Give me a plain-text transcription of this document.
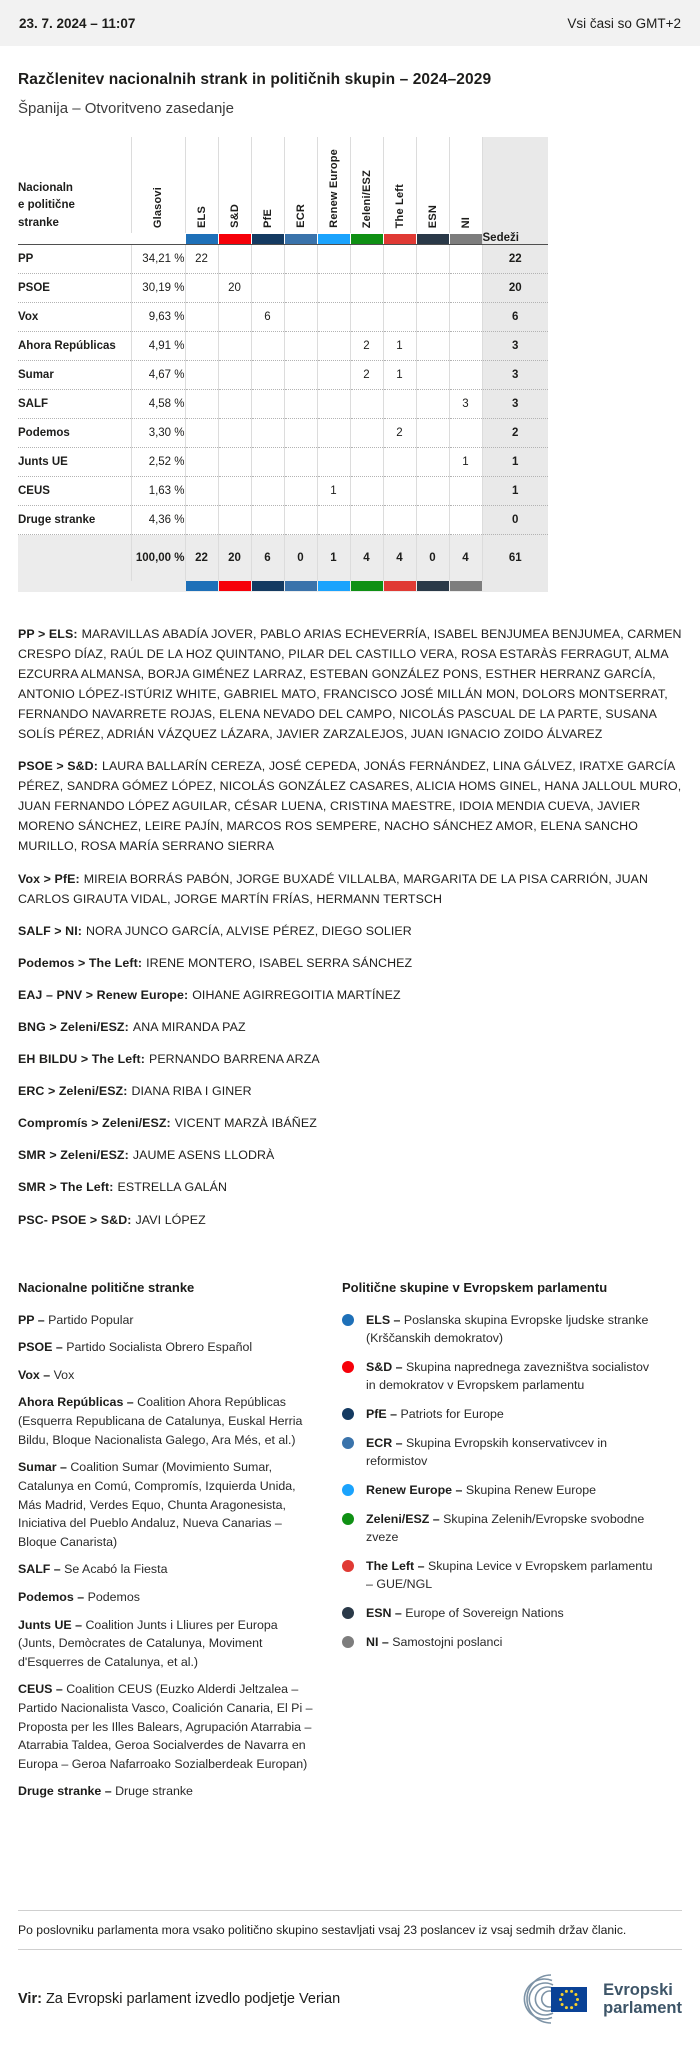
23. 7. 2024 – 11:07	Vsi časi so GMT+2
Razčlenitev nacionalnih strank in političnih skupin – 2024–2029
Španija – Otvoritveno zasedanje
Nacionalne politične stranke	Glasovi	ELS	S&D	PfE	ECR	Renew Europe	Zeleni/ESZ	The Left	ESN	NI	Sedeži

PP	34,21 %	22									22
PSOE	30,19 %		20								20
Vox	9,63 %			6							6
Ahora Repúblicas	4,91 %						2	1			3
Sumar	4,67 %						2	1			3
SALF	4,58 %									3	3
Podemos	3,30 %							2			2
Junts UE	2,52 %									1	1
CEUS	1,63 %					1					1
Druge stranke	4,36 %										0
	100,00 %	22	20	6	0	1	4	4	0	4	61

PP > ELS : MARAVILLAS ABADÍA JOVER, PABLO ARIAS ECHEVERRÍA, ISABEL BENJUMEA BENJUMEA, CARMEN CRESPO DÍAZ, RAÚL DE LA HOZ QUINTANO, PILAR DEL CASTILLO VERA, ROSA ESTARÀS FERRAGUT, ALMA EZCURRA ALMANSA, BORJA GIMÉNEZ LARRAZ, ESTEBAN GONZÁLEZ PONS, ESTHER HERRANZ GARCÍA, ANTONIO LÓPEZ-ISTÚRIZ WHITE, GABRIEL MATO, FRANCISCO JOSÉ MILLÁN MON, DOLORS MONTSERRAT, FERNANDO NAVARRETE ROJAS, ELENA NEVADO DEL CAMPO, NICOLÁS PASCUAL DE LA PARTE, SUSANA SOLÍS PÉREZ, ADRIÁN VÁZQUEZ LÁZARA, JAVIER ZARZALEJOS, JUAN IGNACIO ZOIDO ÁLVAREZ

PSOE > S&D : LAURA BALLARÍN CEREZA, JOSÉ CEPEDA, JONÁS FERNÁNDEZ, LINA GÁLVEZ, IRATXE GARCÍA PÉREZ, SANDRA GÓMEZ LÓPEZ, NICOLÁS GONZÁLEZ CASARES, ALICIA HOMS GINEL, HANA JALLOUL MURO, JUAN FERNANDO LÓPEZ AGUILAR, CÉSAR LUENA, CRISTINA MAESTRE, IDOIA MENDIA CUEVA, JAVIER MORENO SÁNCHEZ, LEIRE PAJÍN, MARCOS ROS SEMPERE, NACHO SÁNCHEZ AMOR, ELENA SANCHO MURILLO, ROSA MARÍA SERRANO SIERRA

Vox > PfE : MIREIA BORRÁS PABÓN, JORGE BUXADÉ VILLALBA, MARGARITA DE LA PISA CARRIÓN, JUAN CARLOS GIRAUTA VIDAL, JORGE MARTÍN FRÍAS, HERMANN TERTSCH

SALF > NI : NORA JUNCO GARCÍA, ALVISE PÉREZ, DIEGO SOLIER

Podemos > The Left : IRENE MONTERO, ISABEL SERRA SÁNCHEZ

EAJ – PNV > Renew Europe : OIHANE AGIRREGOITIA MARTÍNEZ

BNG > Zeleni/ESZ : ANA MIRANDA PAZ

EH BILDU > The Left : PERNANDO BARRENA ARZA

ERC > Zeleni/ESZ : DIANA RIBA I GINER

Compromís > Zeleni/ESZ : VICENT MARZÀ IBÁÑEZ

SMR > Zeleni/ESZ : JAUME ASENS LLODRÀ

SMR > The Left : ESTRELLA GALÁN

PSC- PSOE > S&D : JAVI LÓPEZ

Nacionalne politične stranke

PP – Partido Popular

PSOE – Partido Socialista Obrero Español

Vox – Vox

Ahora Repúblicas – Coalition Ahora Repúblicas (Esquerra Republicana de Catalunya, Euskal Herria Bildu, Bloque Nacionalista Galego, Ara Més, et al.)

Sumar – Coalition Sumar (Movimiento Sumar, Catalunya en Comú, Compromís, Izquierda Unida, Más Madrid, Verdes Equo, Chunta Aragonesista, Iniciativa del Pueblo Andaluz, Nueva Canarias – Bloque Canarista)

SALF – Se Acabó la Fiesta

Podemos – Podemos

Junts UE – Coalition Junts i Lliures per Europa (Junts, Demòcrates de Catalunya, Moviment d'Esquerres de Catalunya, et al.)

CEUS – Coalition CEUS (Euzko Alderdi Jeltzalea – Partido Nacionalista Vasco, Coalición Canaria, El Pi – Proposta per les Illes Balears, Agrupación Atarrabia – Atarrabia Taldea, Geroa Socialverdes de Navarra en Europa – Geroa Nafarroako Sozialberdeak Europan)

Druge stranke – Druge stranke

Politične skupine v Evropskem parlamentu
ELS – Poslanska skupina Evropske ljudske stranke (Krščanskih demokratov)
S&D – Skupina naprednega zavezništva socialistov in demokratov v Evropskem parlamentu
PfE – Patriots for Europe
ECR – Skupina Evropskih konservativcev in reformistov
Renew Europe – Skupina Renew Europe
Zeleni/ESZ – Skupina Zelenih/Evropske svobodne zveze
The Left – Skupina Levice v Evropskem parlamentu – GUE/NGL
ESN – Europe of Sovereign Nations
NI – Samostojni poslanci

Po poslovniku parlamenta mora vsako politično skupino sestavljati vsaj 23 poslancev iz vsaj sedmih držav članic.

Vir: Za Evropski parlament izvedlo podjetje Verian

Evropski
parlament
